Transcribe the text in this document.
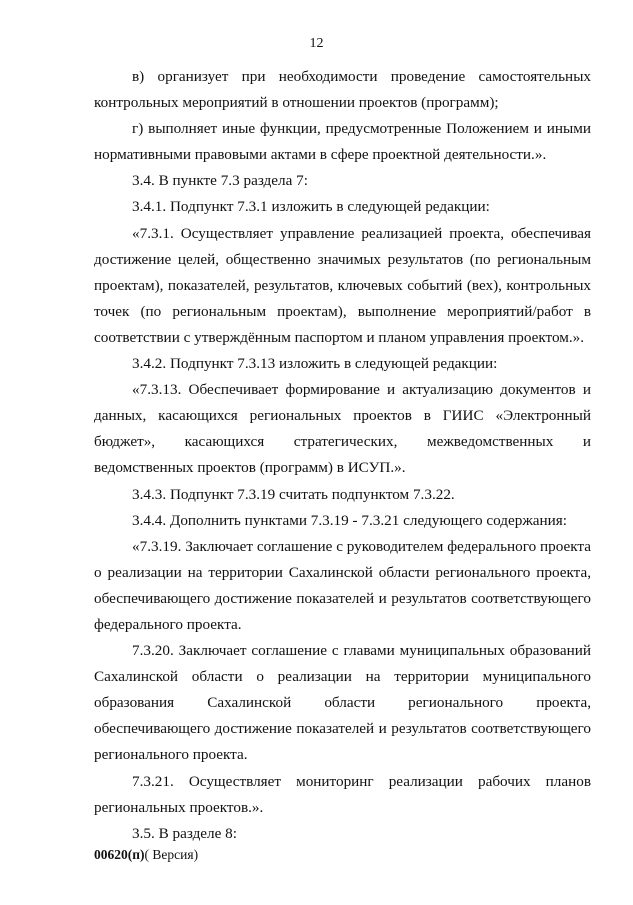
12

в) организует при необходимости проведение самостоятельных контрольных мероприятий в отношении проектов (программ);

г) выполняет иные функции, предусмотренные Положением и иными нормативными правовыми актами в сфере проектной деятельности.».

3.4. В пункте 7.3 раздела 7:

3.4.1. Подпункт 7.3.1 изложить в следующей редакции:

«7.3.1. Осуществляет управление реализацией проекта, обеспечивая достижение целей, общественно значимых результатов (по региональным проектам), показателей, результатов, ключевых событий (вех), контрольных точек (по региональным проектам), выполнение мероприятий/работ в соответствии с утверждённым паспортом и планом управления проектом.».

3.4.2. Подпункт 7.3.13 изложить в следующей редакции:

«7.3.13. Обеспечивает формирование и актуализацию документов и данных, касающихся региональных проектов в ГИИС «Электронный бюджет», касающихся стратегических, межведомственных и ведомственных проектов (программ) в ИСУП.».

3.4.3. Подпункт 7.3.19 считать подпунктом 7.3.22.

3.4.4. Дополнить пунктами 7.3.19 - 7.3.21 следующего содержания:

«7.3.19. Заключает соглашение с руководителем федерального проекта о реализации на территории Сахалинской области регионального проекта, обеспечивающего достижение показателей и результатов соответствующего федерального проекта.

7.3.20. Заключает соглашение с главами муниципальных образований Сахалинской области о реализации на территории муниципального образования Сахалинской области регионального проекта, обеспечивающего достижение показателей и результатов соответствующего регионального проекта.

7.3.21. Осуществляет мониторинг реализации рабочих планов региональных проектов.».

3.5. В разделе 8:

00620(п)( Версия)
